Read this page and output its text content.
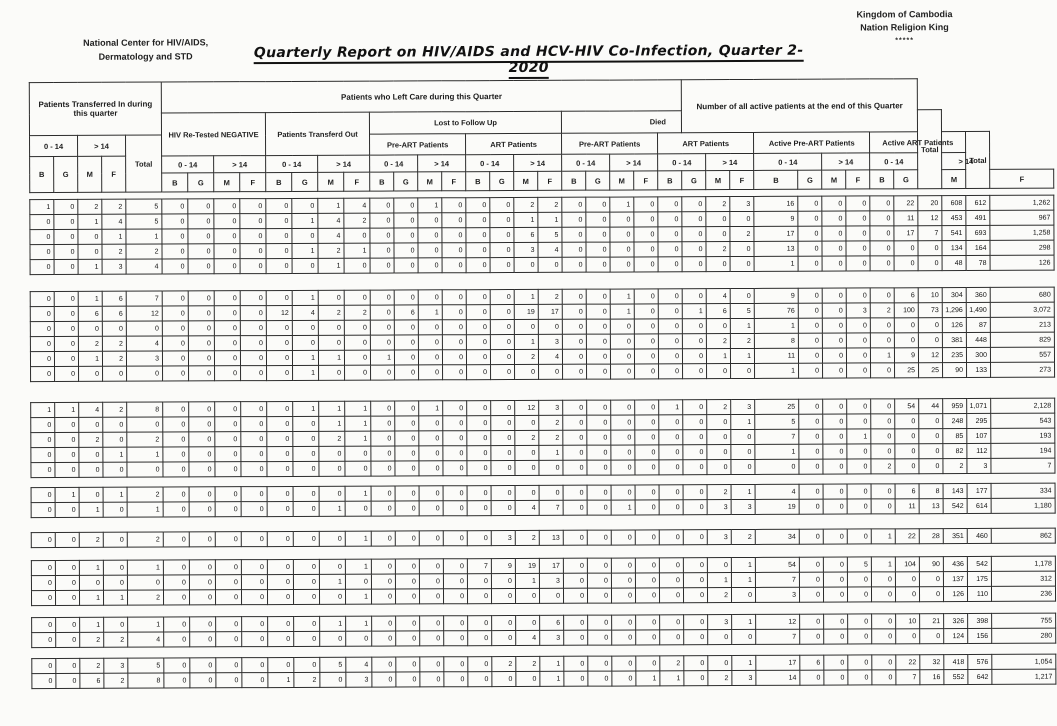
National Center for HIV/AIDS,
Dermatology and STD	Quarterly Report on HIV/AIDS and HCV-HIV Co-Infection, Quarter 2-2020
Kingdom of Cambodia
Nation Religion King
*****
Patients Transferred In during this quarter					Patients who Left Care during this Quarter																					Number of all active patients at the end of this Quarter												
					HIV Re-Tested NEGATIVE				Patients Transferd Out				Lost to Follow Up								Died														Total			
0 - 14		> 14		Total									Pre-ART Patients				ART Patients				Pre-ART Patients				ART Patients				Active Pre-ART Patients				Active ART Patients				Total	
B	G	M	F		0 - 14		> 14		0 - 14		> 14		0 - 14		> 14		0 - 14		> 14		0 - 14		> 14		0 - 14		> 14		0 - 14		> 14		0 - 14			> 14		
					B	G	M	F	B	G	M	F	B	G	M	F	B	G	M	F	B	G	M	F	B	G	M	F	B	G	M	F	B	G		M		F
1	0	2	2	5	0	0	0	0	0	0	1	4	0	0	1	0	0	0	2	2	0	0	1	0	0	0	2	3	16	0	0	0	0	22	20	608	612	1,262
0	0	1	4	5	0	0	0	0	0	1	4	2	0	0	0	0	0	0	1	1	0	0	0	0	0	0	0	0	9	0	0	0	0	11	12	453	491	967
0	0	0	1	1	0	0	0	0	0	0	4	0	0	0	0	0	0	0	6	5	0	0	0	0	0	0	0	2	17	0	0	0	0	17	7	541	693	1,258
0	0	0	2	2	0	0	0	0	0	1	2	1	0	0	0	0	0	0	3	4	0	0	0	0	0	0	2	0	13	0	0	0	0	0	0	134	164	298
0	0	1	3	4	0	0	0	0	0	0	1	0	0	0	0	0	0	0	0	0	0	0	0	0	0	0	0	0	1	0	0	0	0	0	0	48	78	126
0	0	1	6	7	0	0	0	0	0	1	0	0	0	0	0	0	0	0	1	2	0	0	1	0	0	0	4	0	9	0	0	0	0	6	10	304	360	680
0	0	6	6	12	0	0	0	0	12	4	2	2	0	6	1	0	0	0	19	17	0	0	1	0	0	1	6	5	76	0	0	3	2	100	73	1,296	1,490	3,072
0	0	0	0	0	0	0	0	0	0	0	0	0	0	0	0	0	0	0	0	0	0	0	0	0	0	0	0	1	1	0	0	0	0	0	0	126	87	213
0	0	2	2	4	0	0	0	0	0	0	0	0	0	0	0	0	0	0	1	3	0	0	0	0	0	0	2	2	8	0	0	0	0	0	0	381	448	829
0	0	1	2	3	0	0	0	0	0	1	1	0	1	0	0	0	0	0	2	4	0	0	0	0	0	0	1	1	11	0	0	0	1	9	12	235	300	557
0	0	0	0	0	0	0	0	0	0	1	0	0	0	0	0	0	0	0	0	0	0	0	0	0	0	0	0	0	1	0	0	0	0	25	25	90	133	273
1	1	4	2	8	0	0	0	0	0	1	1	1	0	0	1	0	0	0	12	3	0	0	0	0	1	0	2	3	25	0	0	0	0	54	44	959	1,071	2,128
0	0	0	0	0	0	0	0	0	0	0	1	1	0	0	0	0	0	0	0	2	0	0	0	0	0	0	0	1	5	0	0	0	0	0	0	248	295	543
0	0	2	0	2	0	0	0	0	0	0	2	1	0	0	0	0	0	0	2	2	0	0	0	0	0	0	0	0	7	0	0	1	0	0	0	85	107	193
0	0	0	1	1	0	0	0	0	0	0	0	0	0	0	0	0	0	0	0	1	0	0	0	0	0	0	0	0	1	0	0	0	0	0	0	82	112	194
0	0	0	0	0	0	0	0	0	0	0	0	0	0	0	0	0	0	0	0	0	0	0	0	0	0	0	0	0	0	0	0	0	2	0	0	2	3	7
0	1	0	1	2	0	0	0	0	0	0	0	1	0	0	0	0	0	0	0	0	0	0	0	0	0	0	2	1	4	0	0	0	0	6	8	143	177	334
0	0	1	0	1	0	0	0	0	0	0	1	0	0	0	0	0	0	0	4	7	0	0	1	0	0	0	3	3	19	0	0	0	0	11	13	542	614	1,180
0	0	2	0	2	0	0	0	0	0	0	0	1	0	0	0	0	0	3	2	13	0	0	0	0	0	0	3	2	34	0	0	0	1	22	28	351	460	862
0	0	1	0	1	0	0	0	0	0	0	0	1	0	0	0	0	7	9	19	17	0	0	0	0	0	0	0	1	54	0	0	5	1	104	90	436	542	1,178
0	0	0	0	0	0	0	0	0	0	0	1	0	0	0	0	0	0	0	1	3	0	0	0	0	0	0	1	1	7	0	0	0	0	0	0	137	175	312
0	0	1	1	2	0	0	0	0	0	0	0	1	0	0	0	0	0	0	0	0	0	0	0	0	0	0	2	0	3	0	0	0	0	0	0	126	110	236
0	0	1	0	1	0	0	0	0	0	0	1	1	0	0	0	0	0	0	0	6	0	0	0	0	0	0	3	1	12	0	0	0	0	10	21	326	398	755
0	0	2	2	4	0	0	0	0	0	0	0	0	0	0	0	0	0	0	4	3	0	0	0	0	0	0	0	0	7	0	0	0	0	0	0	124	156	280
0	0	2	3	5	0	0	0	0	0	0	5	4	0	0	0	0	0	2	2	1	0	0	0	0	2	0	0	1	17	6	0	0	0	22	32	418	576	1,054
0	0	6	2	8	0	0	0	0	1	2	0	3	0	0	0	0	0	0	0	1	0	0	0	1	1	0	2	3	14	0	0	0	0	7	16	552	642	1,217
